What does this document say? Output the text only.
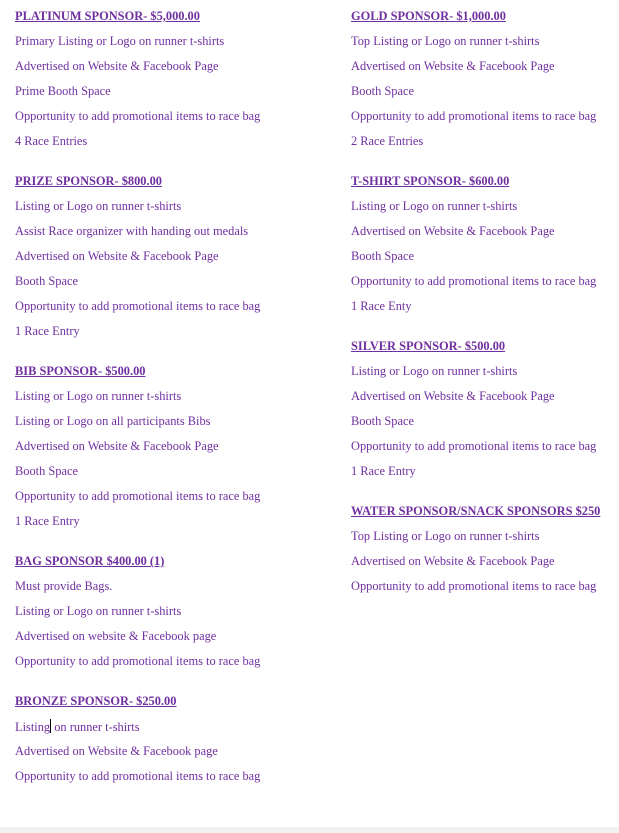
PLATINUM SPONSOR- $5,000.00
Primary Listing or Logo on runner t-shirts
Advertised on Website & Facebook Page
Prime Booth Space
Opportunity to add promotional items to race bag
4 Race Entries
PRIZE SPONSOR- $800.00
Listing or Logo on runner t-shirts
Assist Race organizer with handing out medals
Advertised on Website & Facebook Page
Booth Space
Opportunity to add promotional items to race bag
1 Race Entry
BIB SPONSOR- $500.00
Listing or Logo on runner t-shirts
Listing or Logo on all participants Bibs
Advertised on Website & Facebook Page
Booth Space
Opportunity to add promotional items to race bag
1 Race Entry
BAG SPONSOR $400.00 (1)
Must provide Bags.
Listing or Logo on runner t-shirts
Advertised on website & Facebook page
Opportunity to add promotional items to race bag
BRONZE SPONSOR- $250.00
Listing on runner t-shirts
Advertised on Website & Facebook page
Opportunity to add promotional items to race bag
GOLD SPONSOR- $1,000.00
Top Listing or Logo on runner t-shirts
Advertised on Website & Facebook Page
Booth Space
Opportunity to add promotional items to race bag
2 Race Entries
T-SHIRT SPONSOR- $600.00
Listing or Logo on runner t-shirts
Advertised on Website & Facebook Page
Booth Space
Opportunity to add promotional items to race bag
1 Race Enty
SILVER SPONSOR- $500.00
Listing or Logo on runner t-shirts
Advertised on Website & Facebook Page
Booth Space
Opportunity to add promotional items to race bag
1 Race Entry
WATER SPONSOR/SNACK SPONSORS $250
Top Listing or Logo on runner t-shirts
Advertised on Website & Facebook Page
Opportunity to add promotional items to race bag
